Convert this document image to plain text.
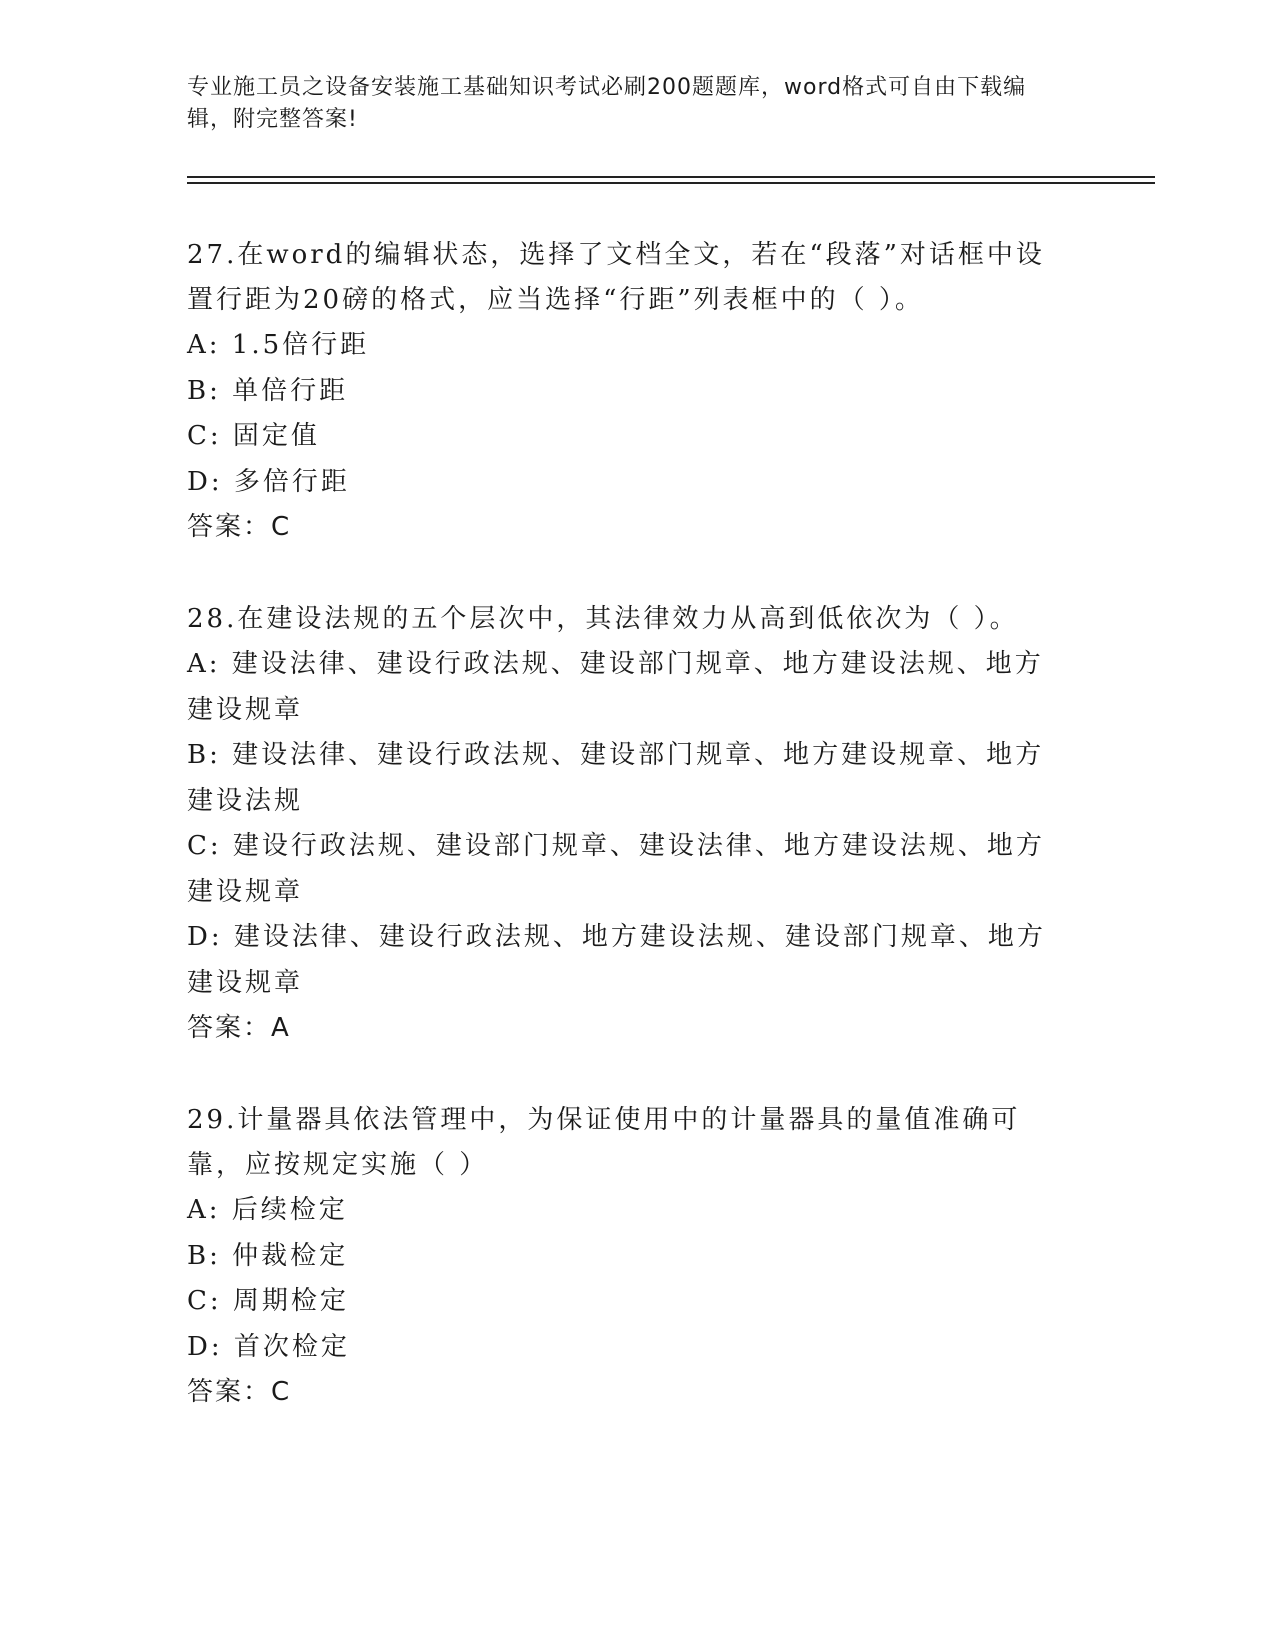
专业施工员之设备安装施工基础知识考试必刷200题题库，word格式可自由下载编辑，附完整答案!
27.在word的编辑状态，选择了文档全文，若在“段落”对话框中设置行距为20磅的格式，应当选择“行距”列表框中的（ ）。
A: 1.5倍行距
B: 单倍行距
C: 固定值
D: 多倍行距
答案：C
28.在建设法规的五个层次中，其法律效力从高到低依次为（ ）。
A: 建设法律、建设行政法规、建设部门规章、地方建设法规、地方建设规章
B: 建设法律、建设行政法规、建设部门规章、地方建设规章、地方建设法规
C: 建设行政法规、建设部门规章、建设法律、地方建设法规、地方建设规章
D: 建设法律、建设行政法规、地方建设法规、建设部门规章、地方建设规章
答案：A
29.计量器具依法管理中，为保证使用中的计量器具的量值准确可靠，应按规定实施（ ）
A: 后续检定
B: 仲裁检定
C: 周期检定
D: 首次检定
答案：C
